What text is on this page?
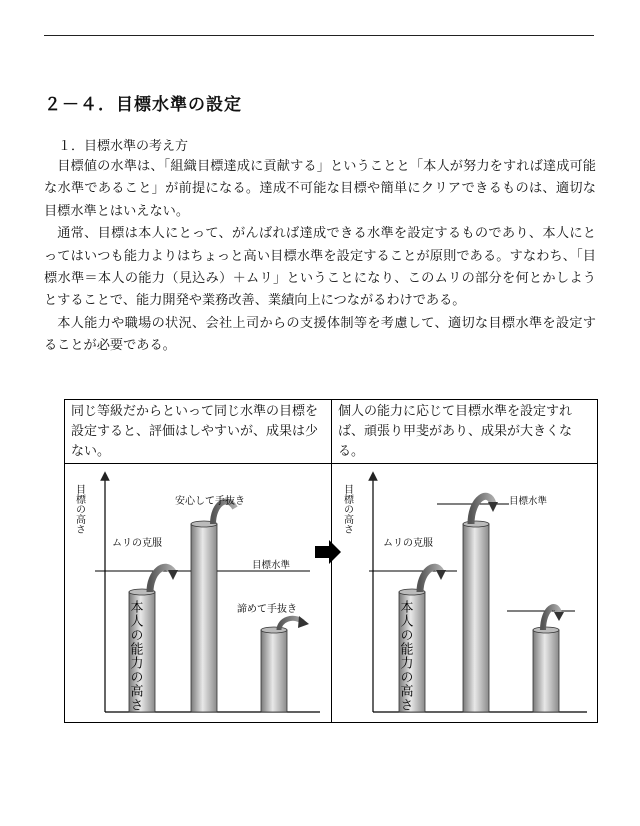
２－４．目標水準の設定
１．目標水準の考え方

目標値の水準は、「組織目標達成に貢献する」ということと「本人が努力をすれば達成可能な水準であること」が前提になる。達成不可能な目標や簡単にクリアできるものは、適切な目標水準とはいえない。

通常、目標は本人にとって、がんばれば達成できる水準を設定するものであり、本人にとってはいつも能力よりはちょっと高い目標水準を設定することが原則である。すなわち、「目標水準＝本人の能力（見込み）＋ムリ」ということになり、このムリの部分を何とかしようとすることで、能力開発や業務改善、業績向上につながるわけである。

本人能力や職場の状況、会社上司からの支援体制等を考慮して、適切な目標水準を設定することが必要である。

同じ等級だからといって同じ水準の目標を設定すると、評価はしやすいが、成果は少ない。
個人の能力に応じて目標水準を設定すれば、頑張り甲斐があり、成果が大きくなる。
目標の高さ
目標水準
本人の能力の高さ
ムリの克服
安心して手抜き
諦めて手抜き
目標の高さ
本人の能力の高さ
ムリの克服
目標水準
